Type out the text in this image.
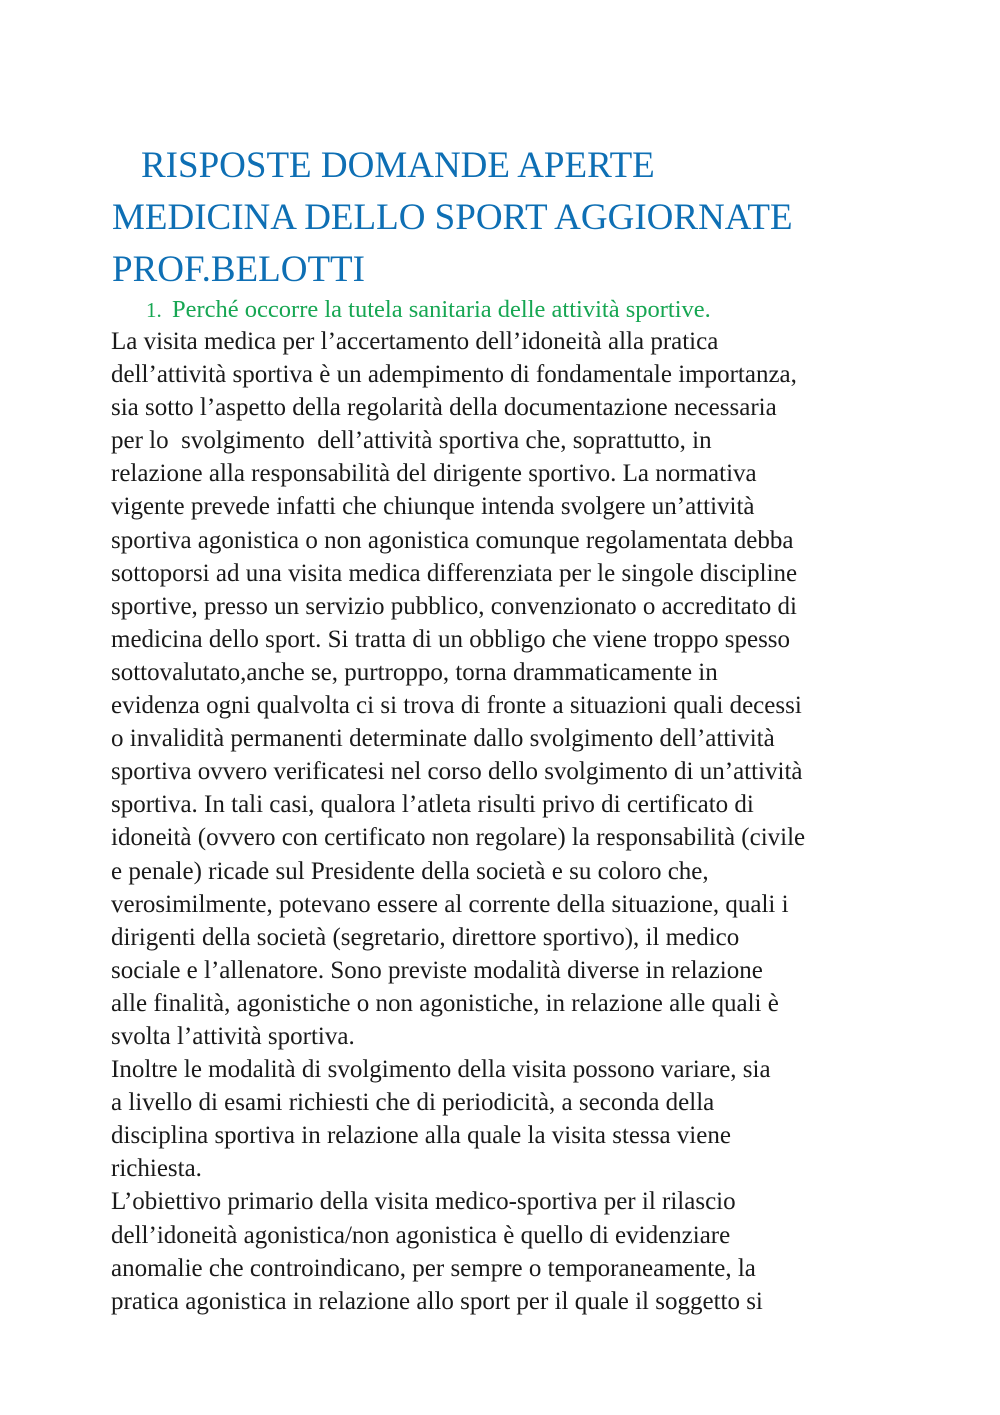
RISPOSTE DOMANDE APERTE
MEDICINA DELLO SPORT AGGIORNATE
PROF.BELOTTI
1. Perché occorre la tutela sanitaria delle attività sportive.
La visita medica per l’accertamento dell’idoneità alla pratica
dell’attività sportiva è un adempimento di fondamentale importanza,
sia sotto l’aspetto della regolarità della documentazione necessaria
per lo  svolgimento  dell’attività sportiva che, soprattutto, in
relazione alla responsabilità del dirigente sportivo. La normativa
vigente prevede infatti che chiunque intenda svolgere un’attività
sportiva agonistica o non agonistica comunque regolamentata debba
sottoporsi ad una visita medica differenziata per le singole discipline
sportive, presso un servizio pubblico, convenzionato o accreditato di
medicina dello sport. Si tratta di un obbligo che viene troppo spesso
sottovalutato,anche se, purtroppo, torna drammaticamente in
evidenza ogni qualvolta ci si trova di fronte a situazioni quali decessi
o invalidità permanenti determinate dallo svolgimento dell’attività
sportiva ovvero verificatesi nel corso dello svolgimento di un’attività
sportiva. In tali casi, qualora l’atleta risulti privo di certificato di
idoneità (ovvero con certificato non regolare) la responsabilità (civile
e penale) ricade sul Presidente della società e su coloro che,
verosimilmente, potevano essere al corrente della situazione, quali i
dirigenti della società (segretario, direttore sportivo), il medico
sociale e l’allenatore. Sono previste modalità diverse in relazione
alle finalità, agonistiche o non agonistiche, in relazione alle quali è
svolta l’attività sportiva.
Inoltre le modalità di svolgimento della visita possono variare, sia
a livello di esami richiesti che di periodicità, a seconda della
disciplina sportiva in relazione alla quale la visita stessa viene
richiesta.
L’obiettivo primario della visita medico-sportiva per il rilascio
dell’idoneità agonistica/non agonistica è quello di evidenziare
anomalie che controindicano, per sempre o temporaneamente, la
pratica agonistica in relazione allo sport per il quale il soggetto si
